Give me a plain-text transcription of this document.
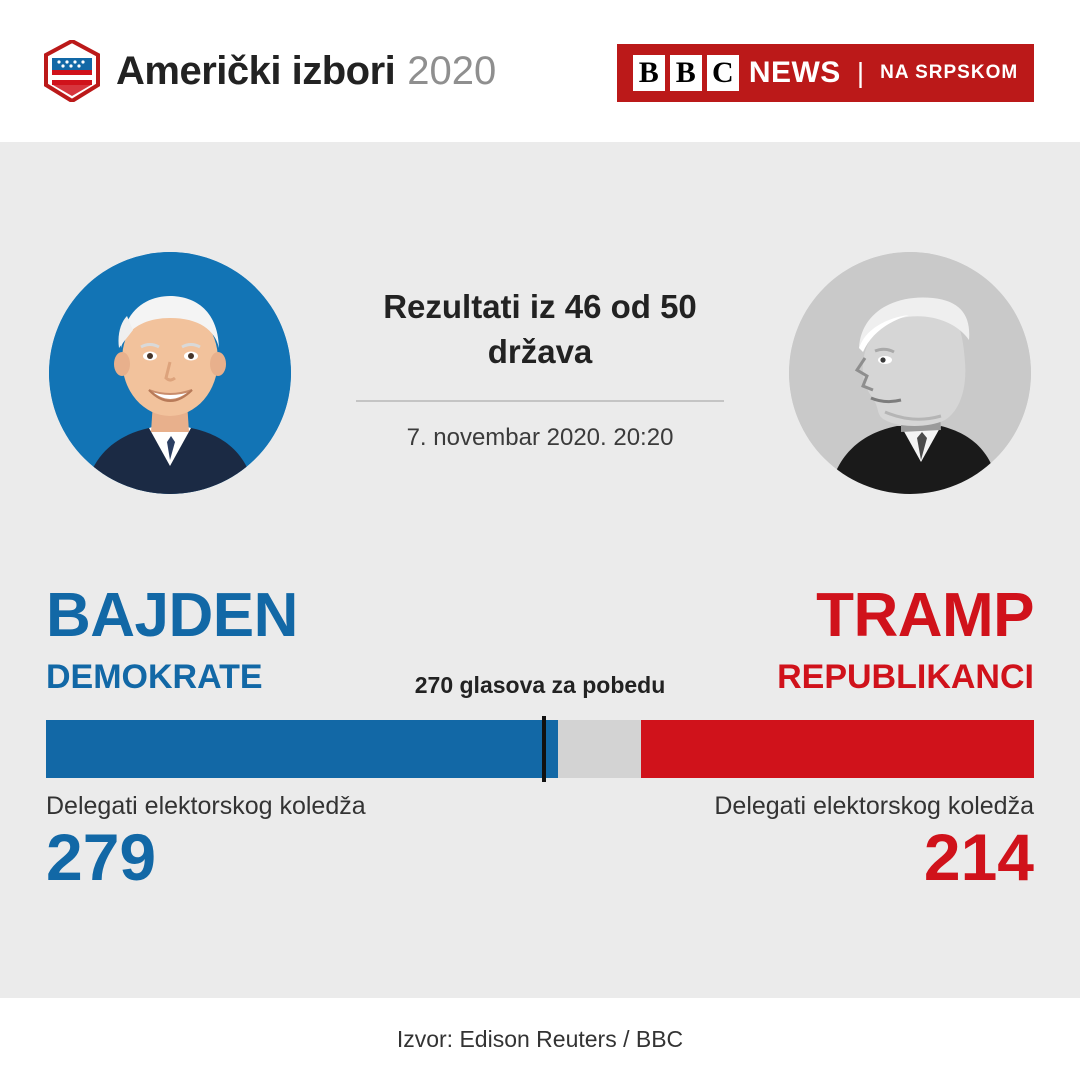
Američki izbori 2020	B B C NEWS | NA SRPSKOM
Rezultati iz 46 od 50 država
7. novembar 2020. 20:20
BAJDEN
DEMOKRATE
TRAMP
REPUBLIKANCI
270 glasova za pobedu
Delegati elektorskog koledža
279
Delegati elektorskog koledža
214
Izvor: Edison Reuters / BBC
